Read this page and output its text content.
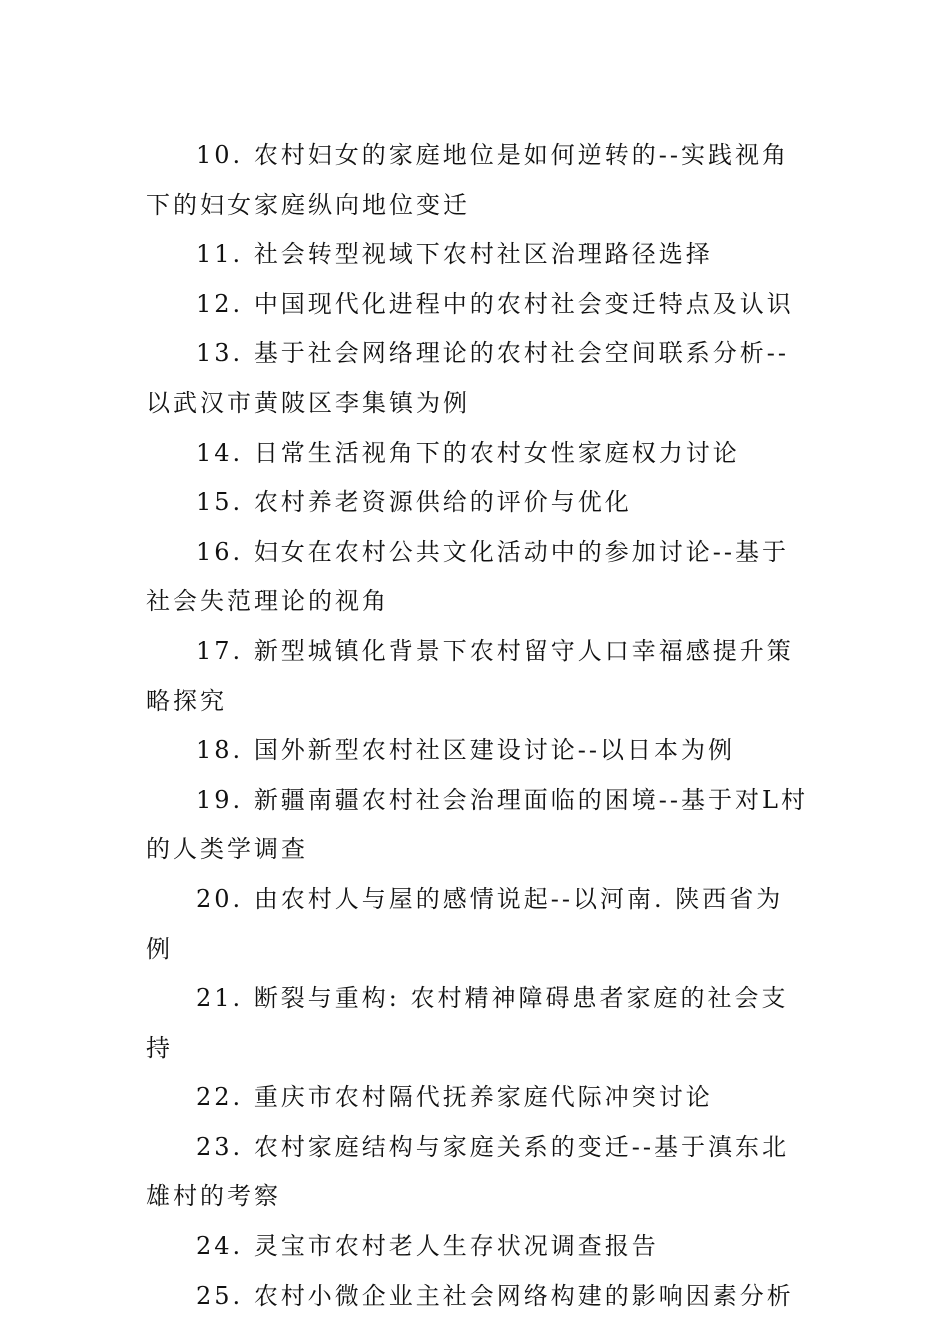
10. 农村妇女的家庭地位是如何逆转的--实践视角下的妇女家庭纵向地位变迁
11. 社会转型视域下农村社区治理路径选择
12. 中国现代化进程中的农村社会变迁特点及认识
13. 基于社会网络理论的农村社会空间联系分析--以武汉市黄陂区李集镇为例
14. 日常生活视角下的农村女性家庭权力讨论
15. 农村养老资源供给的评价与优化
16. 妇女在农村公共文化活动中的参加讨论--基于社会失范理论的视角
17. 新型城镇化背景下农村留守人口幸福感提升策略探究
18. 国外新型农村社区建设讨论--以日本为例
19. 新疆南疆农村社会治理面临的困境--基于对L村的人类学调查
20. 由农村人与屋的感情说起--以河南. 陕西省为例
21. 断裂与重构: 农村精神障碍患者家庭的社会支持
22. 重庆市农村隔代抚养家庭代际冲突讨论
23. 农村家庭结构与家庭关系的变迁--基于滇东北雄村的考察
24. 灵宝市农村老人生存状况调查报告
25. 农村小微企业主社会网络构建的影响因素分析
